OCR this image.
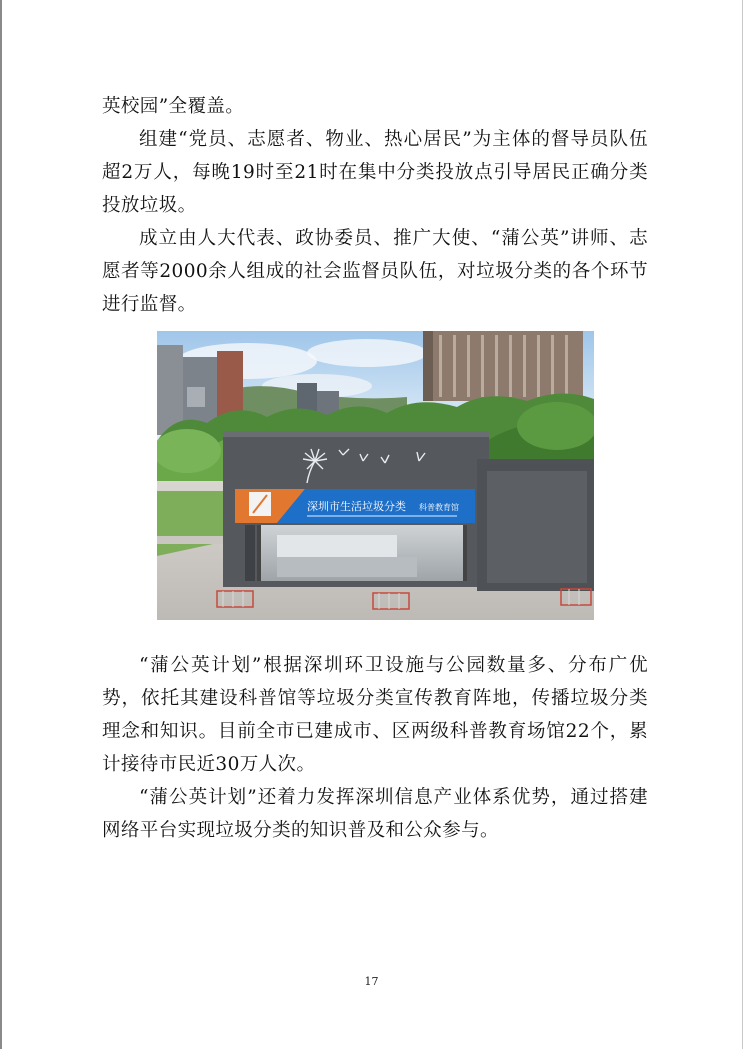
英校园”全覆盖。

组建“党员、志愿者、物业、热心居民”为主体的督导员队伍超2万人，每晚19时至21时在集中分类投放点引导居民正确分类投放垃圾。

成立由人大代表、政协委员、推广大使、“蒲公英”讲师、志愿者等2000余人组成的社会监督员队伍，对垃圾分类的各个环节进行监督。

深圳市生活垃圾分类 科普教育馆

“蒲公英计划”根据深圳环卫设施与公园数量多、分布广优势，依托其建设科普馆等垃圾分类宣传教育阵地，传播垃圾分类理念和知识。目前全市已建成市、区两级科普教育场馆22个，累计接待市民近30万人次。

“蒲公英计划”还着力发挥深圳信息产业体系优势，通过搭建网络平台实现垃圾分类的知识普及和公众参与。

17
